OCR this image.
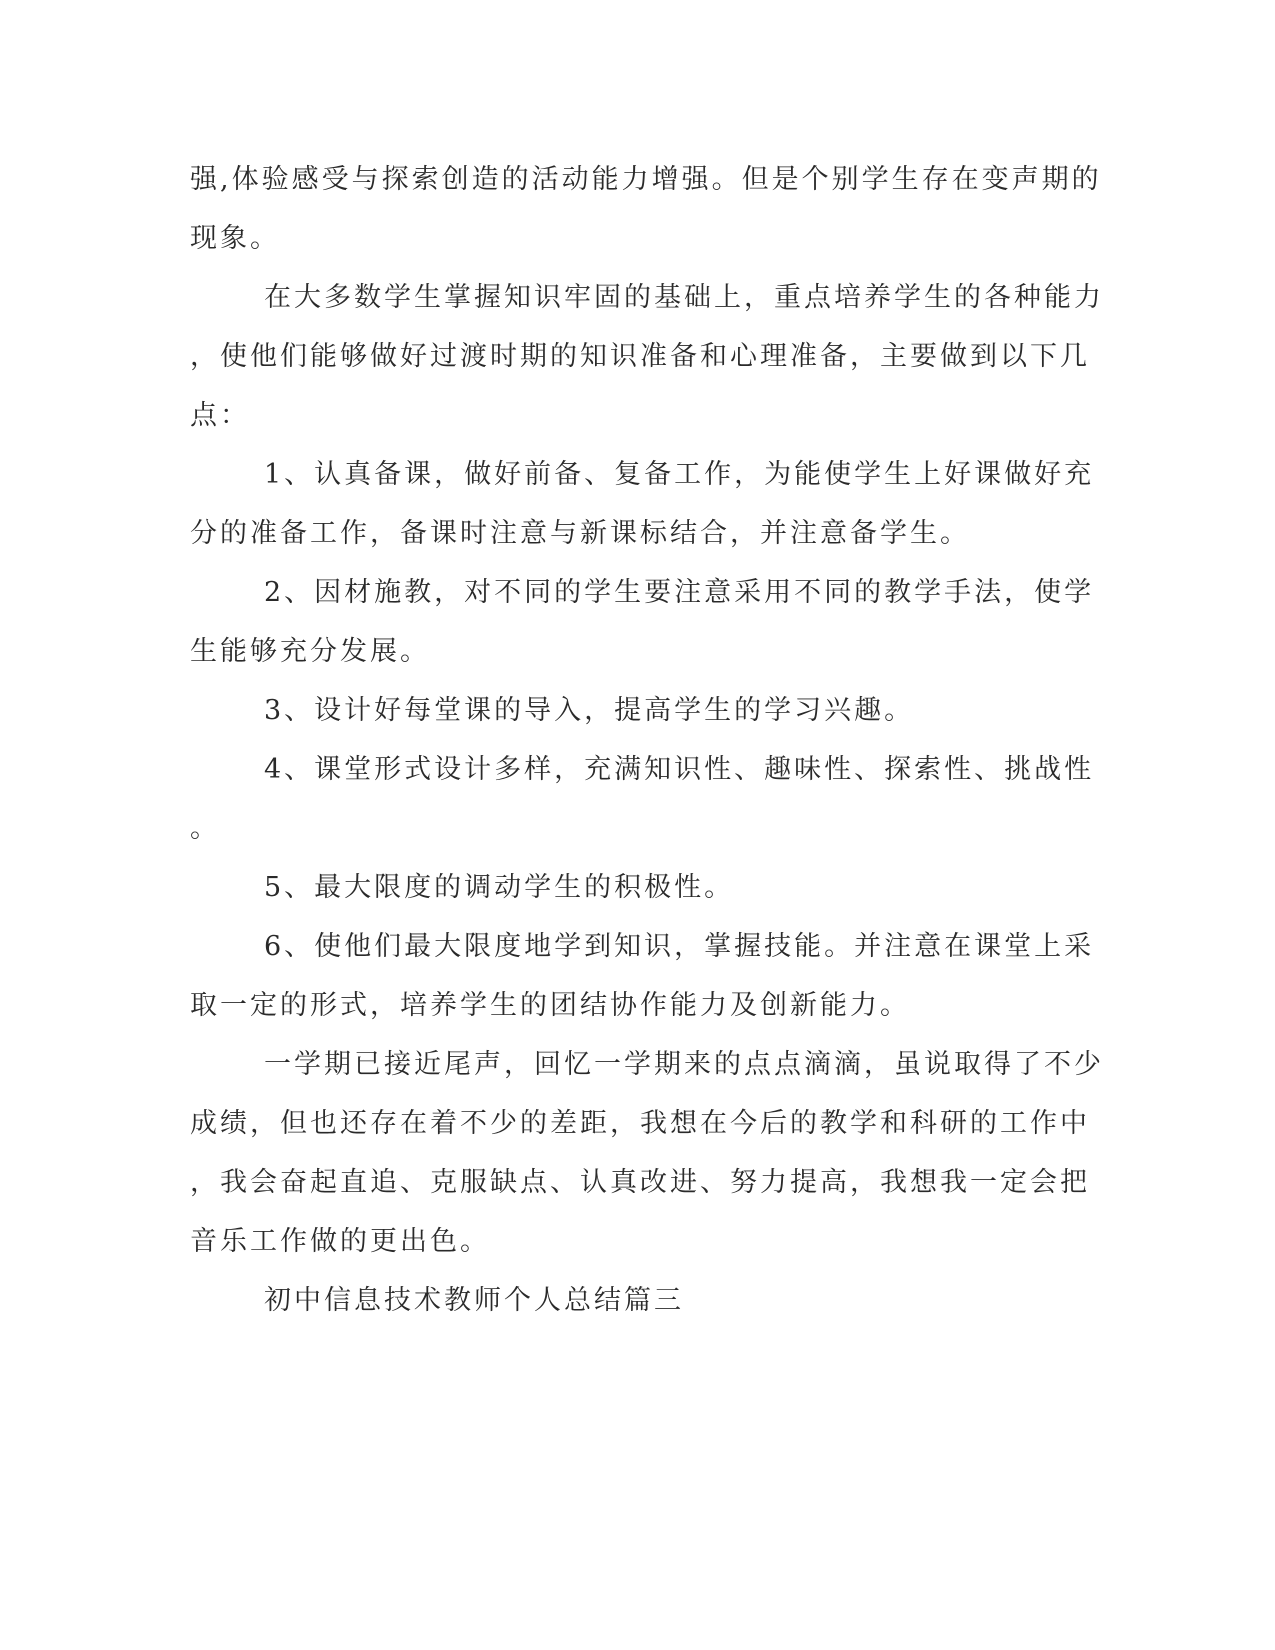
强,体验感受与探索创造的活动能力增强。但是个别学生存在变声期的
现象。
在大多数学生掌握知识牢固的基础上，重点培养学生的各种能力
，使他们能够做好过渡时期的知识准备和心理准备，主要做到以下几
点：
1、认真备课，做好前备、复备工作，为能使学生上好课做好充
分的准备工作，备课时注意与新课标结合，并注意备学生。
2、因材施教，对不同的学生要注意采用不同的教学手法，使学
生能够充分发展。
3、设计好每堂课的导入，提高学生的学习兴趣。
4、课堂形式设计多样，充满知识性、趣味性、探索性、挑战性
。
5、最大限度的调动学生的积极性。
6、使他们最大限度地学到知识，掌握技能。并注意在课堂上采
取一定的形式，培养学生的团结协作能力及创新能力。
一学期已接近尾声，回忆一学期来的点点滴滴，虽说取得了不少
成绩，但也还存在着不少的差距，我想在今后的教学和科研的工作中
，我会奋起直追、克服缺点、认真改进、努力提高，我想我一定会把
音乐工作做的更出色。
初中信息技术教师个人总结篇三
